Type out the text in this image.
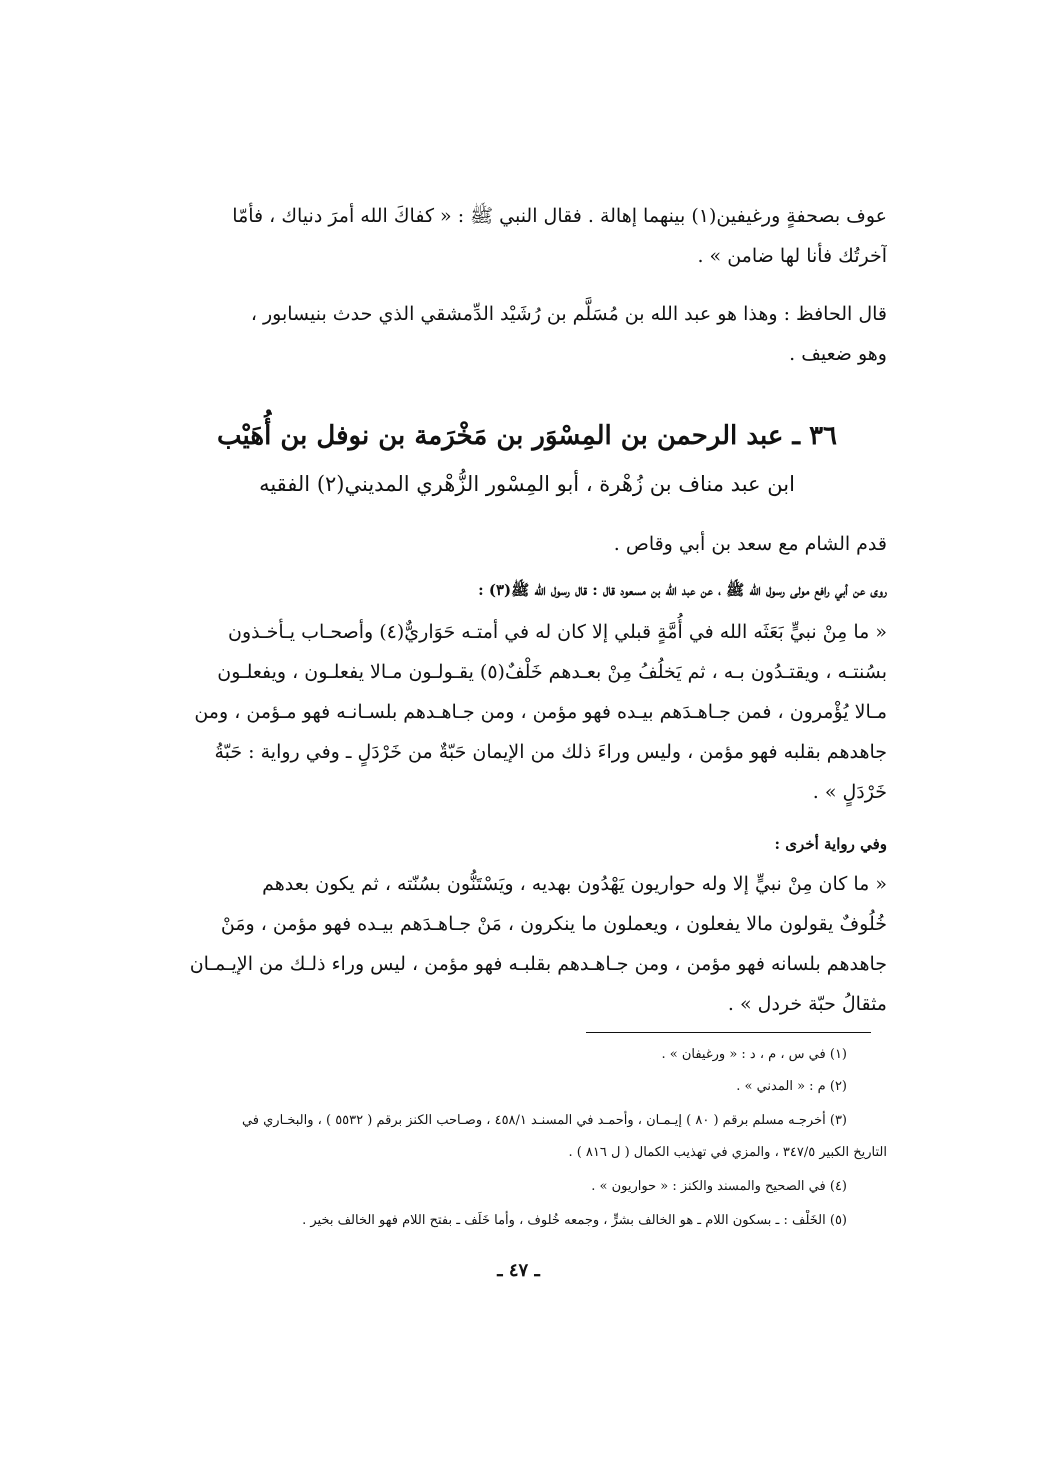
عوف بصحفةٍ ورغيفين(١) بينهما إهالة . فقال النبي ﷺ : « كفاكَ الله أمرَ دنياك ، فأمّا
آخرتُك فأنا لها ضامن » .
قال الحافظ : وهذا هو عبد الله بن مُسَلَّم بن رُشَيْد الدِّمشقي الذي حدث بنيسابور ،
وهو ضعيف .
٣٦ ـ عبد الرحمن بن المِسْوَر بن مَخْرَمة بن نوفل بن أُهَيْب
ابن عبد مناف بن زُهْرة ، أبو المِسْور الزُّهْري المديني(٢) الفقيه
قدم الشام مع سعد بن أبي وقاص .
روى عن أبي رافع مولى رسول الله ﷺ ، عن عبد الله بن مسعود قال : قال رسول الله ﷺ(٣) :
« ما مِنْ نبيٍّ بَعَثَه الله في أُمَّةٍ قبلي إلا كان له في أمتـه حَوَاريٌّ(٤) وأصحـاب يـأخـذون
بسُنتـه ، ويقتـدُون بـه ، ثم يَخلُفُ مِنْ بعـدهم خَلْفٌ(٥) يقـولـون مـالا يفعلـون ، ويفعلـون
مـالا يُؤْمرون ، فمن جـاهـدَهم بيـده فهو مؤمن ، ومن جـاهـدهم بلسـانـه فهو مـؤمن ، ومن
جاهدهم بقلبه فهو مؤمن ، وليس وراءَ ذلك من الإيمان حَبّةٌ من خَرْدَلٍ ـ وفي رواية : حَبّةُ
خَرْدَلٍ » .
وفي رواية أخرى :
« ما كان مِنْ نبيٍّ إلا وله حواريون يَهْدُون بهديه ، ويَسْتَنُّون بسُنّته ، ثم يكون بعدهم
خُلُوفٌ يقولون مالا يفعلون ، ويعملون ما ينكرون ، مَنْ جـاهـدَهم بيـده فهو مؤمن ، ومَنْ
جاهدهم بلسانه فهو مؤمن ، ومن جـاهـدهم بقلبـه فهو مؤمن ، ليس وراء ذلـك من الإيـمـان
مثقالُ حبّة خردل » .
(١) في س ، م ، د : « ورغيفان » .
(٢) م : « المدني » .
(٣) أخرجـه مسلم برقم ( ٨٠ ) إيـمـان ، وأحمـد في المسنـد ٤٥٨/١ ، وصـاحب الكنز برقم ( ٥٥٣٢ ) ، والبخـاري في
التاريخ الكبير ٣٤٧/٥ ، والمزي في تهذيب الكمال ( ل ٨١٦ ) .
(٤) في الصحيح والمسند والكنز : « حواريون » .
(٥) الخَلْف : ـ بسكون اللام ـ هو الخالف بشرٍّ ، وجمعه خُلوف ، وأما خَلَف ـ بفتح اللام فهو الخالف بخير .
ـ ٤٧ ـ
